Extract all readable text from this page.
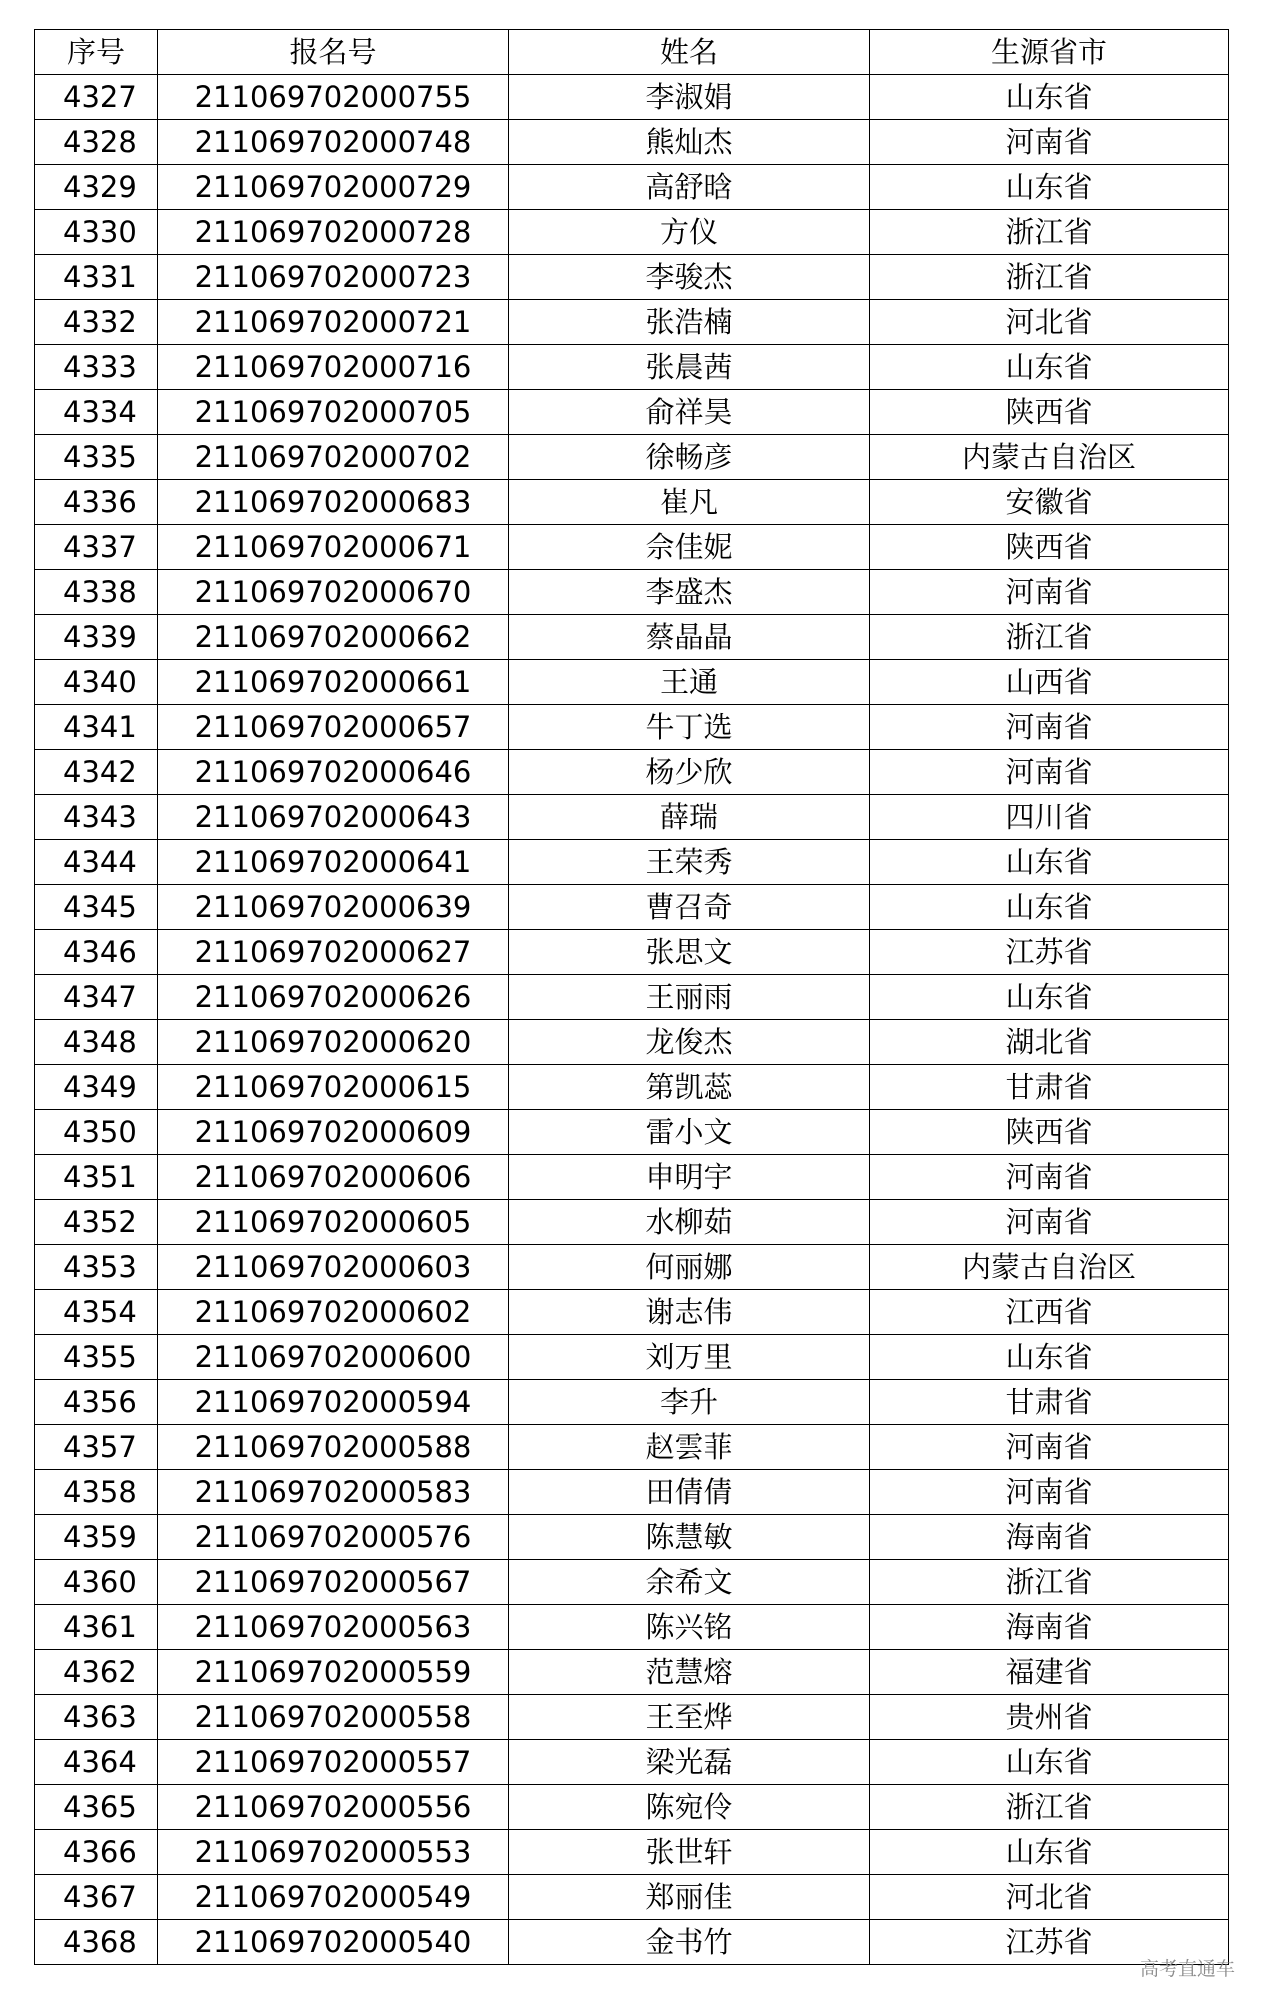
序号	报名号	姓名	生源省市
4327	211069702000755	李淑娟	山东省
4328	211069702000748	熊灿杰	河南省
4329	211069702000729	高舒晗	山东省
4330	211069702000728	方仪	浙江省
4331	211069702000723	李骏杰	浙江省
4332	211069702000721	张浩楠	河北省
4333	211069702000716	张晨茜	山东省
4334	211069702000705	俞祥昊	陕西省
4335	211069702000702	徐畅彦	内蒙古自治区
4336	211069702000683	崔凡	安徽省
4337	211069702000671	佘佳妮	陕西省
4338	211069702000670	李盛杰	河南省
4339	211069702000662	蔡晶晶	浙江省
4340	211069702000661	王通	山西省
4341	211069702000657	牛丁选	河南省
4342	211069702000646	杨少欣	河南省
4343	211069702000643	薛瑞	四川省
4344	211069702000641	王荣秀	山东省
4345	211069702000639	曹召奇	山东省
4346	211069702000627	张思文	江苏省
4347	211069702000626	王丽雨	山东省
4348	211069702000620	龙俊杰	湖北省
4349	211069702000615	第凯蕊	甘肃省
4350	211069702000609	雷小文	陕西省
4351	211069702000606	申明宇	河南省
4352	211069702000605	水柳茹	河南省
4353	211069702000603	何丽娜	内蒙古自治区
4354	211069702000602	谢志伟	江西省
4355	211069702000600	刘万里	山东省
4356	211069702000594	李升	甘肃省
4357	211069702000588	赵雲菲	河南省
4358	211069702000583	田倩倩	河南省
4359	211069702000576	陈慧敏	海南省
4360	211069702000567	余希文	浙江省
4361	211069702000563	陈兴铭	海南省
4362	211069702000559	范慧熔	福建省
4363	211069702000558	王至烨	贵州省
4364	211069702000557	梁光磊	山东省
4365	211069702000556	陈宛伶	浙江省
4366	211069702000553	张世轩	山东省
4367	211069702000549	郑丽佳	河北省
4368	211069702000540	金书竹	江苏省
高考直通车
